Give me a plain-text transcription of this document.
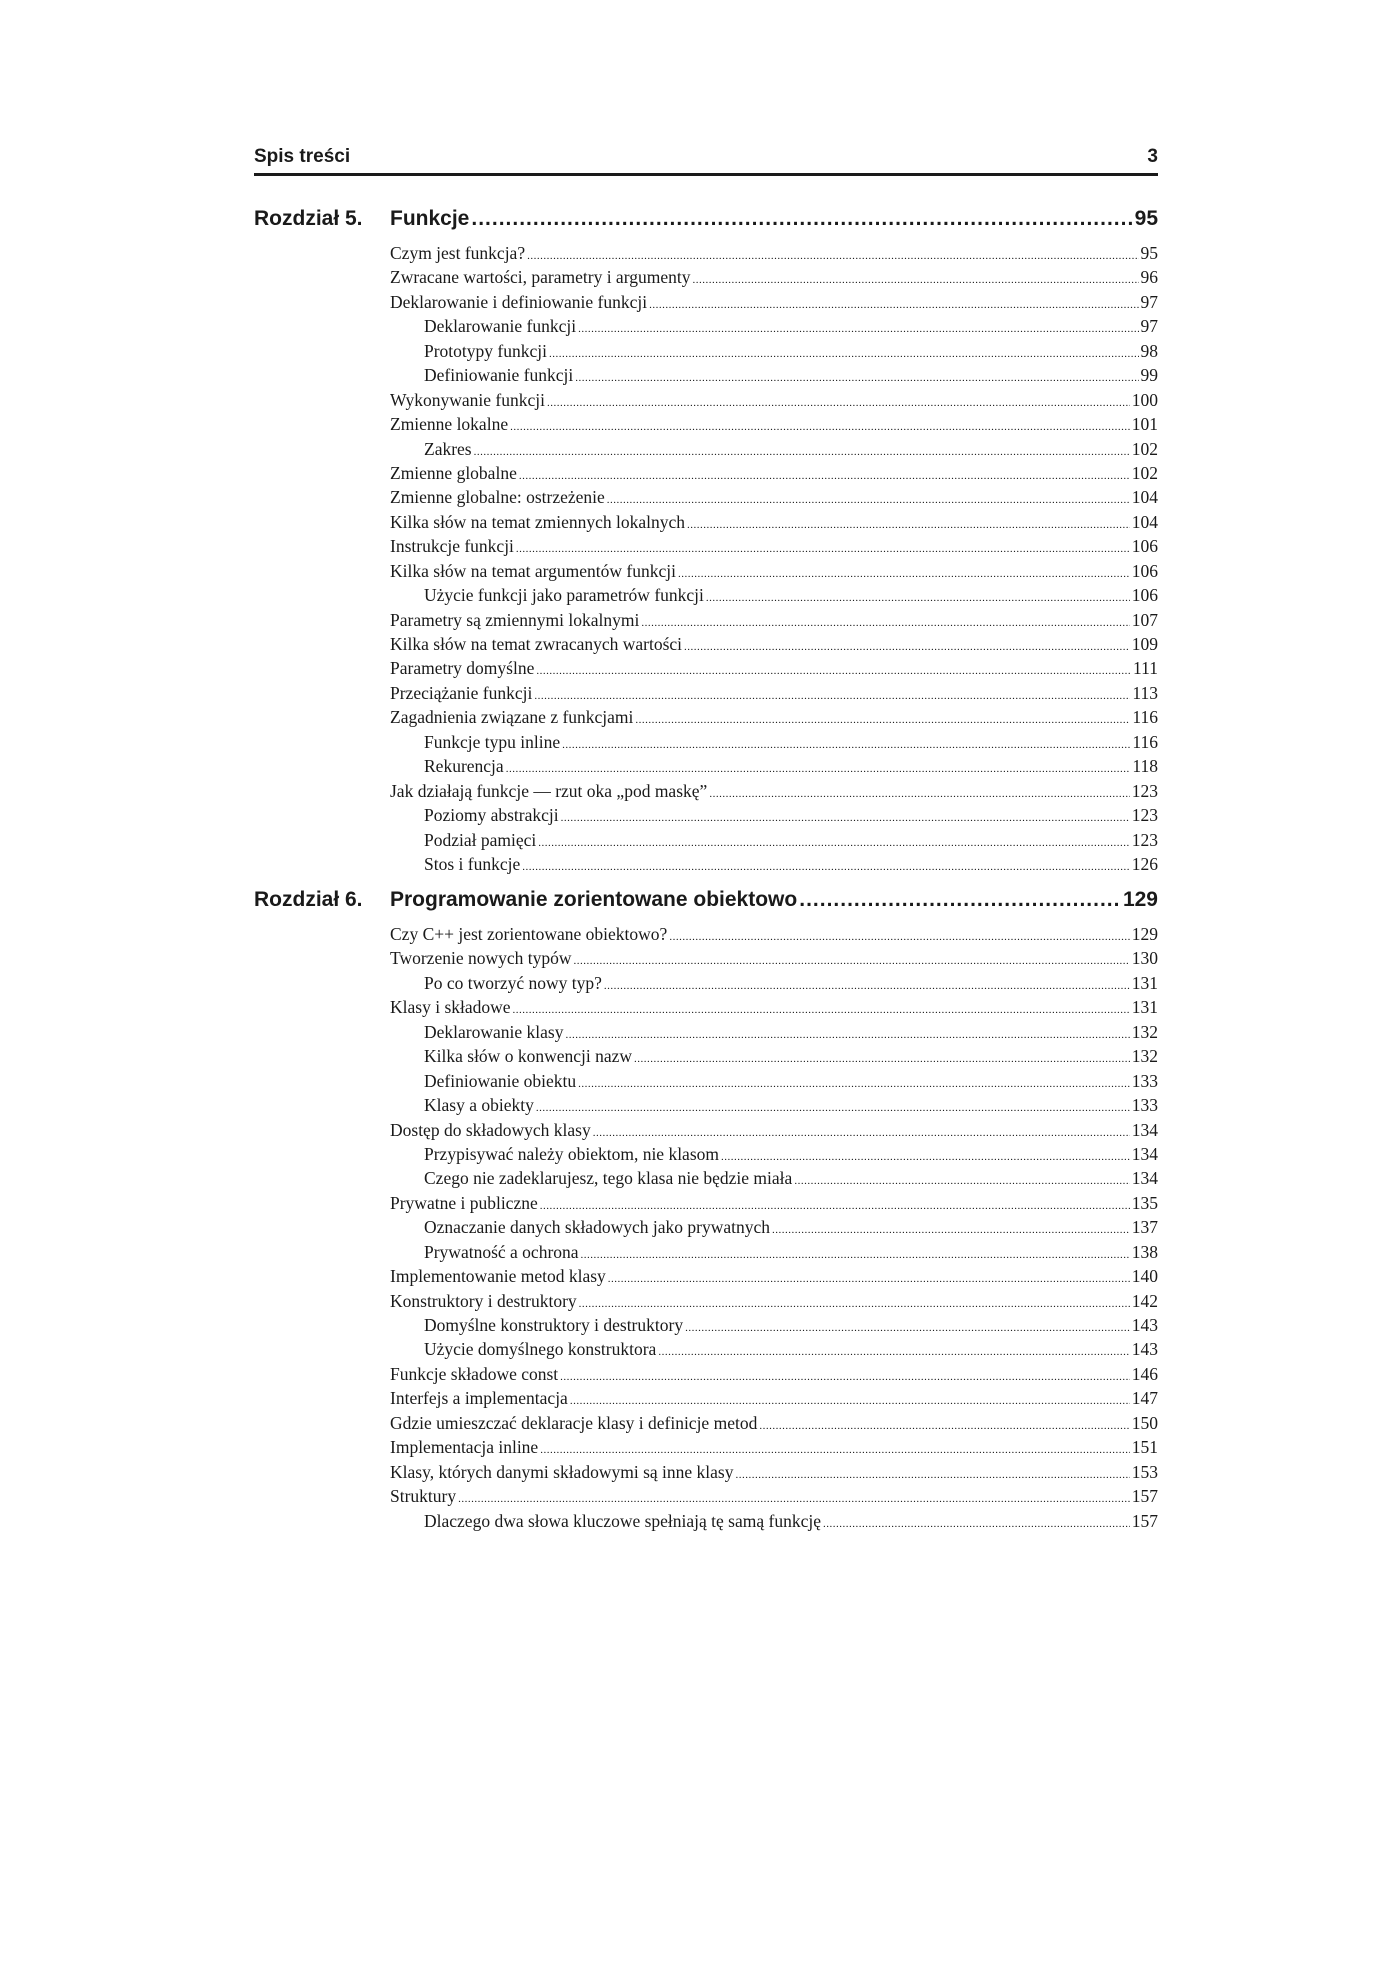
Spis treści	3
Rozdział 5.	Funkcje .....	95
Czym jest funkcja? .....	95
Zwracane wartości, parametry i argumenty .....	96
Deklarowanie i definiowanie funkcji .....	97
Deklarowanie funkcji .....	97
Prototypy funkcji .....	98
Definiowanie funkcji .....	99
Wykonywanie funkcji .....	100
Zmienne lokalne .....	101
Zakres .....	102
Zmienne globalne .....	102
Zmienne globalne: ostrzeżenie .....	104
Kilka słów na temat zmiennych lokalnych .....	104
Instrukcje funkcji .....	106
Kilka słów na temat argumentów funkcji .....	106
Użycie funkcji jako parametrów funkcji .....	106
Parametry są zmiennymi lokalnymi .....	107
Kilka słów na temat zwracanych wartości .....	109
Parametry domyślne .....	111
Przeciążanie funkcji .....	113
Zagadnienia związane z funkcjami .....	116
Funkcje typu inline .....	116
Rekurencja .....	118
Jak działają funkcje — rzut oka „pod maskę” .....	123
Poziomy abstrakcji .....	123
Podział pamięci .....	123
Stos i funkcje .....	126
Rozdział 6.	Programowanie zorientowane obiektowo .....	129
Czy C++ jest zorientowane obiektowo? .....	129
Tworzenie nowych typów .....	130
Po co tworzyć nowy typ? .....	131
Klasy i składowe .....	131
Deklarowanie klasy .....	132
Kilka słów o konwencji nazw .....	132
Definiowanie obiektu .....	133
Klasy a obiekty .....	133
Dostęp do składowych klasy .....	134
Przypisywać należy obiektom, nie klasom .....	134
Czego nie zadeklarujesz, tego klasa nie będzie miała .....	134
Prywatne i publiczne .....	135
Oznaczanie danych składowych jako prywatnych .....	137
Prywatność a ochrona .....	138
Implementowanie metod klasy .....	140
Konstruktory i destruktory .....	142
Domyślne konstruktory i destruktory .....	143
Użycie domyślnego konstruktora .....	143
Funkcje składowe const .....	146
Interfejs a implementacja .....	147
Gdzie umieszczać deklaracje klasy i definicje metod .....	150
Implementacja inline .....	151
Klasy, których danymi składowymi są inne klasy .....	153
Struktury .....	157
Dlaczego dwa słowa kluczowe spełniają tę samą funkcję .....	157
